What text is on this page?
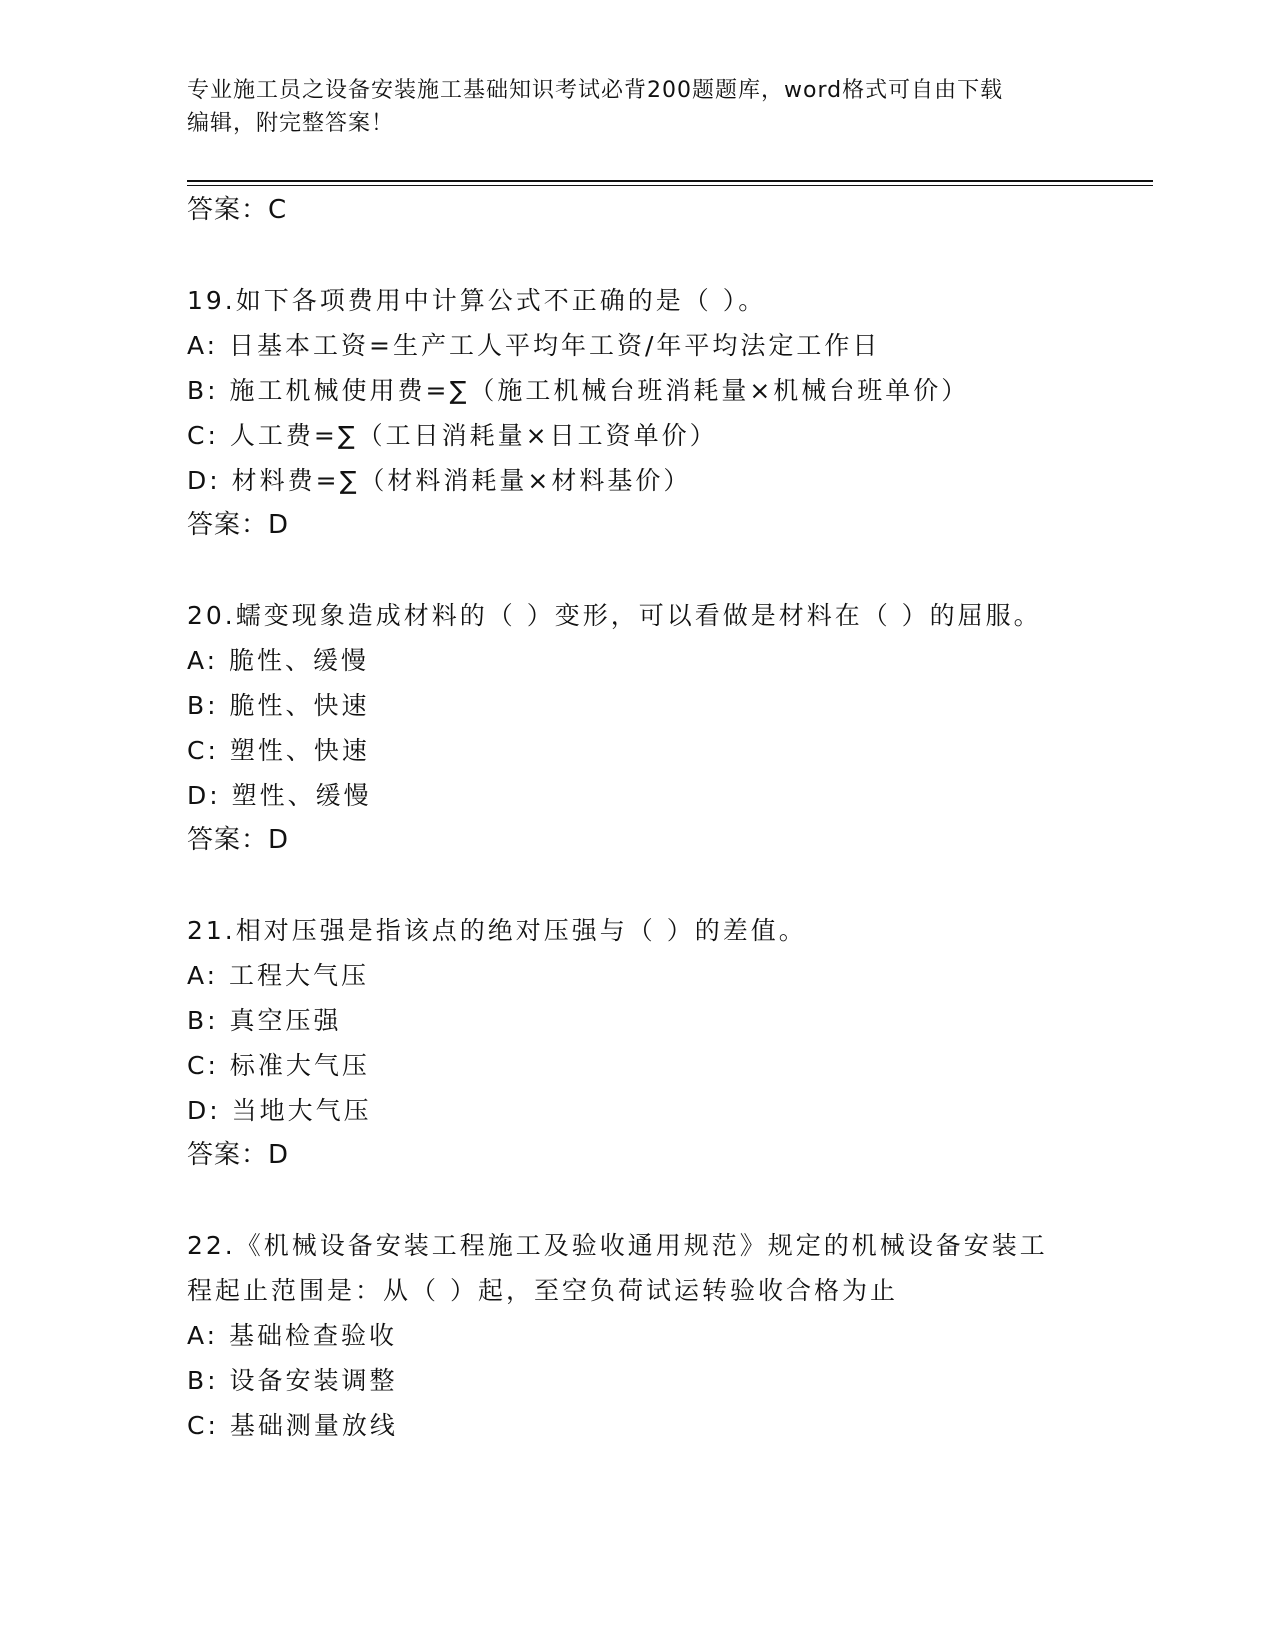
专业施工员之设备安装施工基础知识考试必背200题题库，word格式可自由下载
编辑，附完整答案！
答案：C
19.如下各项费用中计算公式不正确的是（ ）。
A: 日基本工资=生产工人平均年工资/年平均法定工作日
B: 施工机械使用费=∑（施工机械台班消耗量×机械台班单价）
C: 人工费=∑（工日消耗量×日工资单价）
D: 材料费=∑（材料消耗量×材料基价）
答案：D
20.蠕变现象造成材料的（ ）变形，可以看做是材料在（ ）的屈服。
A: 脆性、缓慢
B: 脆性、快速
C: 塑性、快速
D: 塑性、缓慢
答案：D
21.相对压强是指该点的绝对压强与（ ）的差值。
A: 工程大气压
B: 真空压强
C: 标准大气压
D: 当地大气压
答案：D
22.《机械设备安装工程施工及验收通用规范》规定的机械设备安装工
程起止范围是：从（ ）起，至空负荷试运转验收合格为止
A: 基础检查验收
B: 设备安装调整
C: 基础测量放线
